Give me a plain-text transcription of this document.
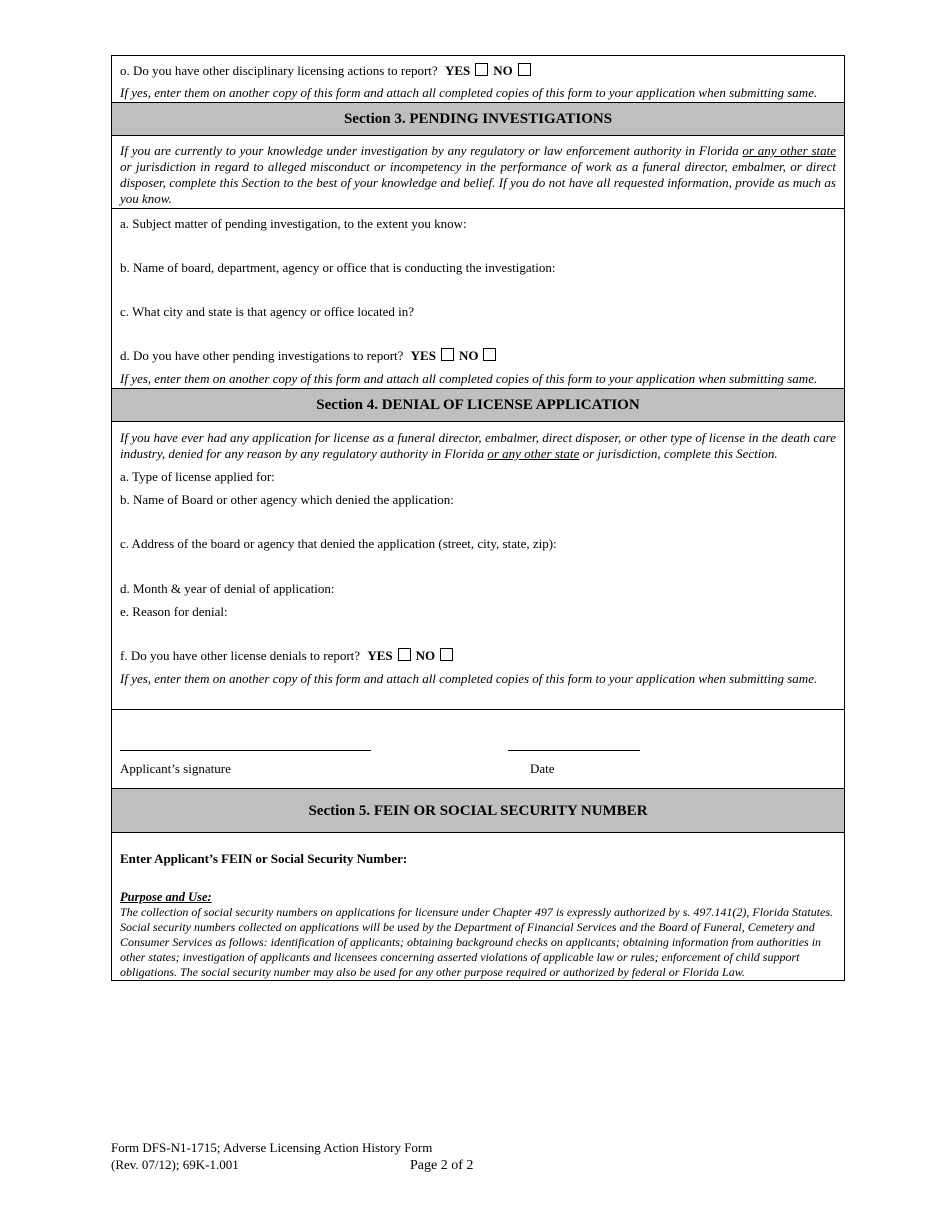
o. Do you have other disciplinary licensing actions to report? YES NO
If yes, enter them on another copy of this form and attach all completed copies of this form to your application when submitting same.
Section 3. PENDING INVESTIGATIONS
If you are currently to your knowledge under investigation by any regulatory or law enforcement authority in Florida or any other state or jurisdiction in regard to alleged misconduct or incompetency in the performance of work as a funeral director, embalmer, or direct disposer, complete this Section to the best of your knowledge and belief. If you do not have all requested information, provide as much as you know.
a. Subject matter of pending investigation, to the extent you know:
b. Name of board, department, agency or office that is conducting the investigation:
c. What city and state is that agency or office located in?
d. Do you have other pending investigations to report? YES NO
If yes, enter them on another copy of this form and attach all completed copies of this form to your application when submitting same.
Section 4. DENIAL OF LICENSE APPLICATION
If you have ever had any application for license as a funeral director, embalmer, direct disposer, or other type of license in the death care industry, denied for any reason by any regulatory authority in Florida or any other state or jurisdiction, complete this Section.
a. Type of license applied for:
b. Name of Board or other agency which denied the application:
c. Address of the board or agency that denied the application (street, city, state, zip):
d. Month & year of denial of application:
e. Reason for denial:
f. Do you have other license denials to report? YES NO
If yes, enter them on another copy of this form and attach all completed copies of this form to your application when submitting same.
Applicant’s signature	Date
Section 5. FEIN OR SOCIAL SECURITY NUMBER
Enter Applicant’s FEIN or Social Security Number:
Purpose and Use:
The collection of social security numbers on applications for licensure under Chapter 497 is expressly authorized by s. 497.141(2), Florida Statutes. Social security numbers collected on applications will be used by the Department of Financial Services and the Board of Funeral, Cemetery and Consumer Services as follows: identification of applicants; obtaining background checks on applicants; obtaining information from authorities in other states; investigation of applicants and licensees concerning asserted violations of applicable law or rules; enforcement of child support obligations. The social security number may also be used for any other purpose required or authorized by federal or Florida Law.
Form DFS-N1-1715; Adverse Licensing Action History Form
(Rev. 07/12); 69K-1.001	Page 2 of 2
